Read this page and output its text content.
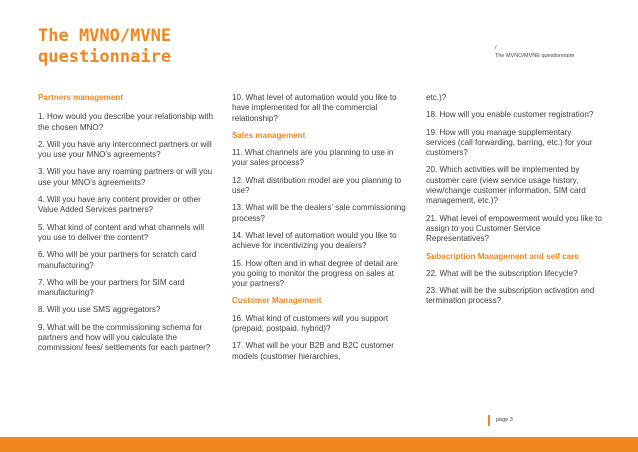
The MVNO/MVNE
questionnaire	/
The MVNO/MVNE questionnaire

Partners management

1. How would you describe your relationship with the chosen MNO?

2. Will you have any interconnect partners or will you use your MNO’s agreements?

3. Will you have any roaming partners or will you use your MNO’s agreements?

4. Will you have any content provider or other Value Added Services partners?

5. What kind of content and what channels will you use to deliver the content?

6. Who will be your partners for scratch card manufacturing?

7. Who will be your partners for SIM card manufacturing?

8. Will you use SMS aggregators?

9. What will be the commissioning schema for partners and how will you calculate the commission/ fees/ settlements for each partner?

10. What level of automation would you like to have implemented for all the commercial relationship?

Sales management

11. What channels are you planning to use in your sales process?

12. What distribution model are you planning to use?

13. What will be the dealers’ sale commissioning process?

14. What level of automation would you like to achieve for incentivizing you dealers?

15. How often and in what degree of detail are you going to monitor the progress on sales at your partners?

Customer Management

16. What kind of customers will you support (prepaid, postpaid, hybrid)?

17. What will be your B2B and B2C customer models (customer hierarchies,

etc.)?

18. How will you enable customer registration?

19. How will you manage supplementary services (call forwarding, barring, etc.) for your customers?

20. Which activities will be implemented by customer care (view service usage history, view/change customer information, SIM card management, etc.)?

21. What level of empowerment would you like to assign to you Customer Service Representatives?

Subscription Management and self care

22. What will be the subscription lifecycle?

23. What will be the subscription activation and termination process?

page 3
